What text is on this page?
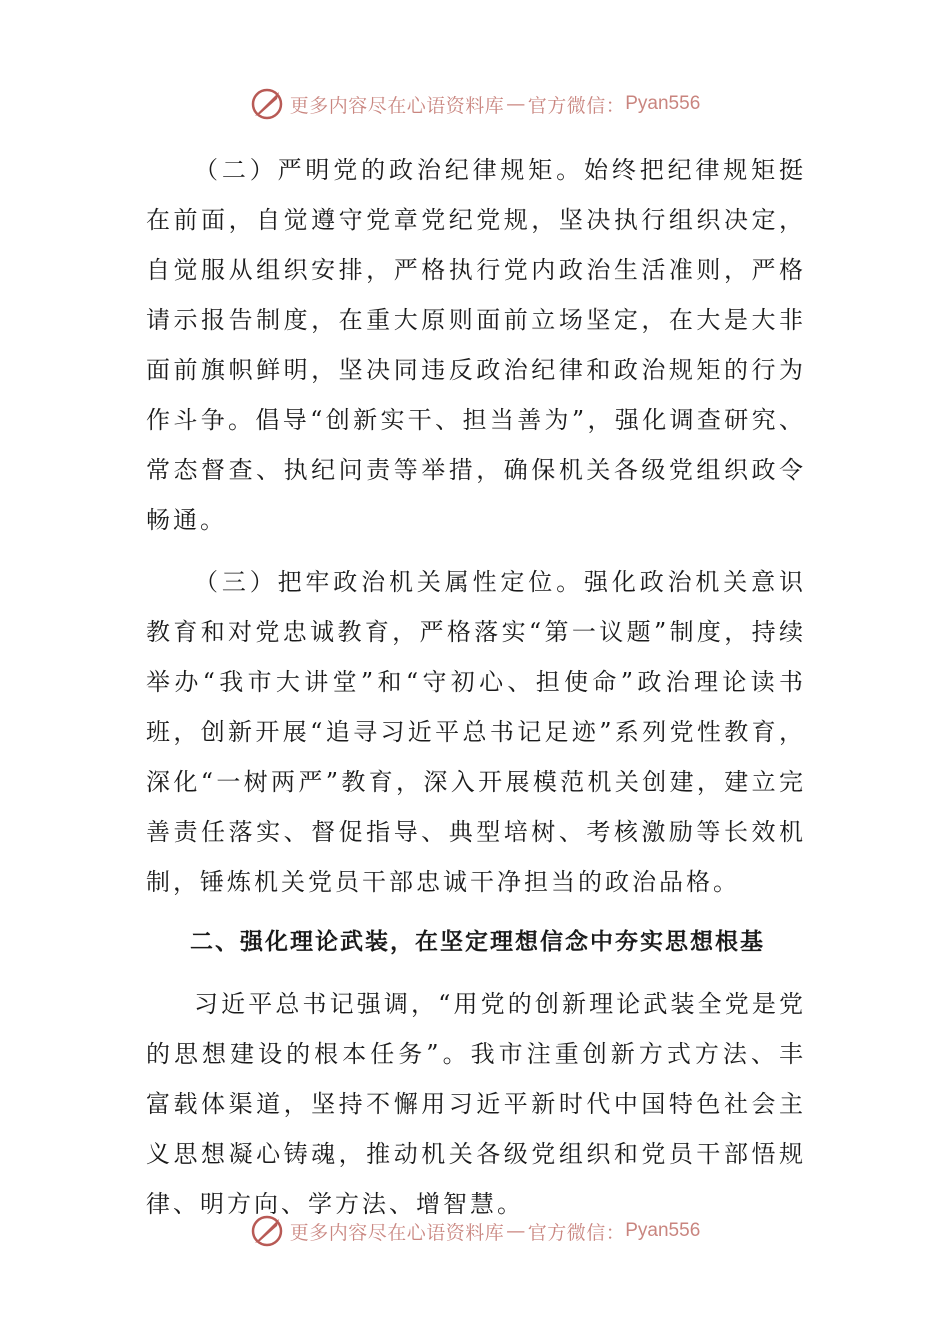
更多内容尽在心语资料库 — 官方微信： Pyan556

（二）严明党的政治纪律规矩。始终把纪律规矩挺在前面，自觉遵守党章党纪党规，坚决执行组织决定，自觉服从组织安排，严格执行党内政治生活准则，严格请示报告制度，在重大原则面前立场坚定，在大是大非面前旗帜鲜明，坚决同违反政治纪律和政治规矩的行为作斗争。倡导“创新实干、担当善为”，强化调查研究、常态督查、执纪问责等举措，确保机关各级党组织政令畅通。

（三）把牢政治机关属性定位。强化政治机关意识教育和对党忠诚教育，严格落实“第一议题”制度，持续举办“我市大讲堂”和“守初心、担使命”政治理论读书班，创新开展“追寻习近平总书记足迹”系列党性教育，深化“一树两严”教育，深入开展模范机关创建，建立完善责任落实、督促指导、典型培树、考核激励等长效机制，锤炼机关党员干部忠诚干净担当的政治品格。

二、强化理论武装，在坚定理想信念中夯实思想根基

习近平总书记强调，“用党的创新理论武装全党是党的思想建设的根本任务”。我市注重创新方式方法、丰富载体渠道，坚持不懈用习近平新时代中国特色社会主义思想凝心铸魂，推动机关各级党组织和党员干部悟规律、明方向、学方法、增智慧。

更多内容尽在心语资料库 — 官方微信： Pyan556
